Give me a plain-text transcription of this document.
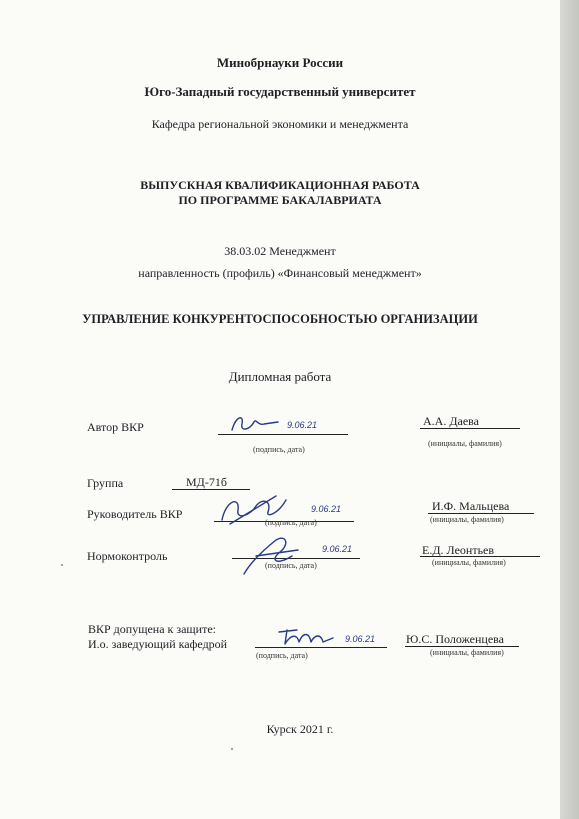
Минобрнауки России
Юго-Западный государственный университет
Кафедра региональной экономики и менеджмента
ВЫПУСКНАЯ КВАЛИФИКАЦИОННАЯ РАБОТА
ПО ПРОГРАММЕ БАКАЛАВРИАТА
38.03.02 Менеджмент
направленность (профиль) «Финансовый менеджмент»
УПРАВЛЕНИЕ КОНКУРЕНТОСПОСОБНОСТЬЮ ОРГАНИЗАЦИИ
Дипломная работа
Автор ВКР	9.06.21
(подпись, дата)
А.А. Даева
(инициалы, фамилия)
Группа	МД-71б
Руководитель ВКР	9.06.21
(подпись, дата)
И.Ф. Мальцева
(инициалы, фамилия)
Нормоконтроль	9.06.21
(подпись, дата)
Е.Д. Леонтьев
(инициалы, фамилия)
ВКР допущена к защите:
И.о. заведующий кафедрой	9.06.21
(подпись, дата)
Ю.С. Положенцева
(инициалы, фамилия)
Курск 2021 г.
